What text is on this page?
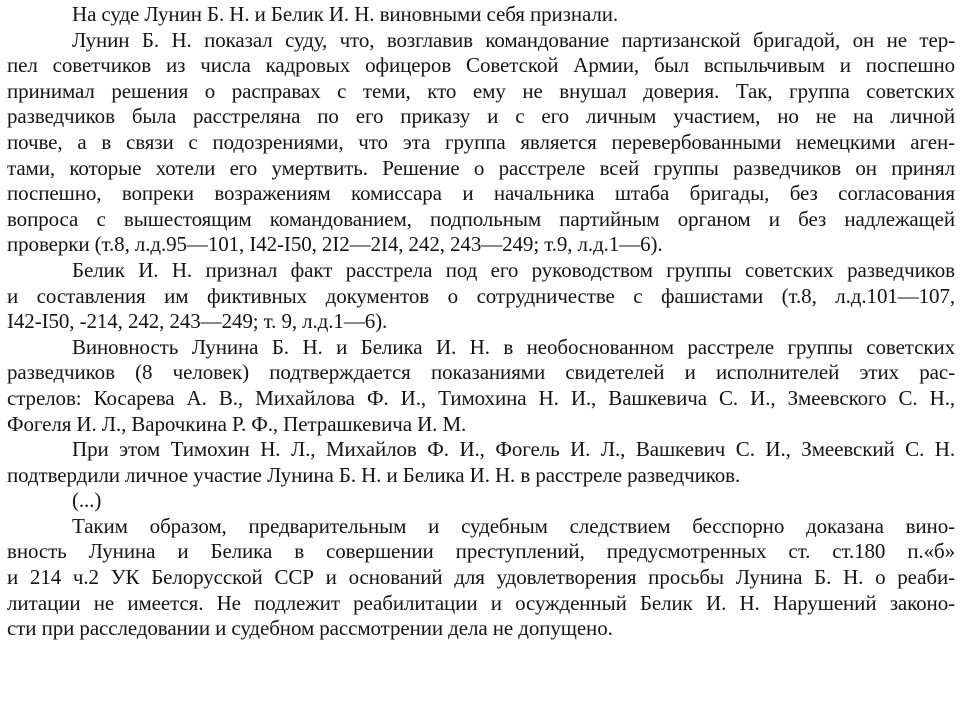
На суде Лунин Б. Н. и Белик И. Н. виновными себя признали.
Лунин Б. Н. показал суду, что, возглавив командование партизанской бригадой, он не тер-
пел советчиков из числа кадровых офицеров Советской Армии, был вспыльчивым и поспешно
принимал решения о расправах с теми, кто ему не внушал доверия. Так, группа советских
разведчиков была расстреляна по его приказу и с его личным участием, но не на личной
почве, а в связи с подозрениями, что эта группа является перевербованными немецкими аген-
тами, которые хотели его умертвить. Решение о расстреле всей группы разведчиков он принял
поспешно, вопреки возражениям комиссара и начальника штаба бригады, без согласования
вопроса с вышестоящим командованием, подпольным партийным органом и без надлежащей
проверки (т.8, л.д.95—101, I42-I50, 2I2—2I4, 242, 243—249; т.9, л.д.1—6).
Белик И. Н. признал факт расстрела под его руководством группы советских разведчиков
и составления им фиктивных документов о сотрудничестве с фашистами (т.8, л.д.101—107,
I42-I50, -214, 242, 243—249; т. 9, л.д.1—6).
Виновность Лунина Б. Н. и Белика И. Н. в необоснованном расстреле группы советских
разведчиков (8 человек) подтверждается показаниями свидетелей и исполнителей этих рас-
стрелов: Косарева А. В., Михайлова Ф. И., Тимохина Н. И., Вашкевича С. И., Змеевского С. Н.,
Фогеля И. Л., Варочкина Р. Ф., Петрашкевича И. М.
При этом Тимохин Н. Л., Михайлов Ф. И., Фогель И. Л., Вашкевич С. И., Змеевский С. Н.
подтвердили личное участие Лунина Б. Н. и Белика И. Н. в расстреле разведчиков.
(...)
Таким образом, предварительным и судебным следствием бесспорно доказана вино-
вность Лунина и Белика в совершении преступлений, предусмотренных ст. ст.180 п.«б»
и 214 ч.2 УК Белорусской ССР и оснований для удовлетворения просьбы Лунина Б. Н. о реаби-
литации не имеется. Не подлежит реабилитации и осужденный Белик И. Н. Нарушений законо-
сти при расследовании и судебном рассмотрении дела не допущено.
